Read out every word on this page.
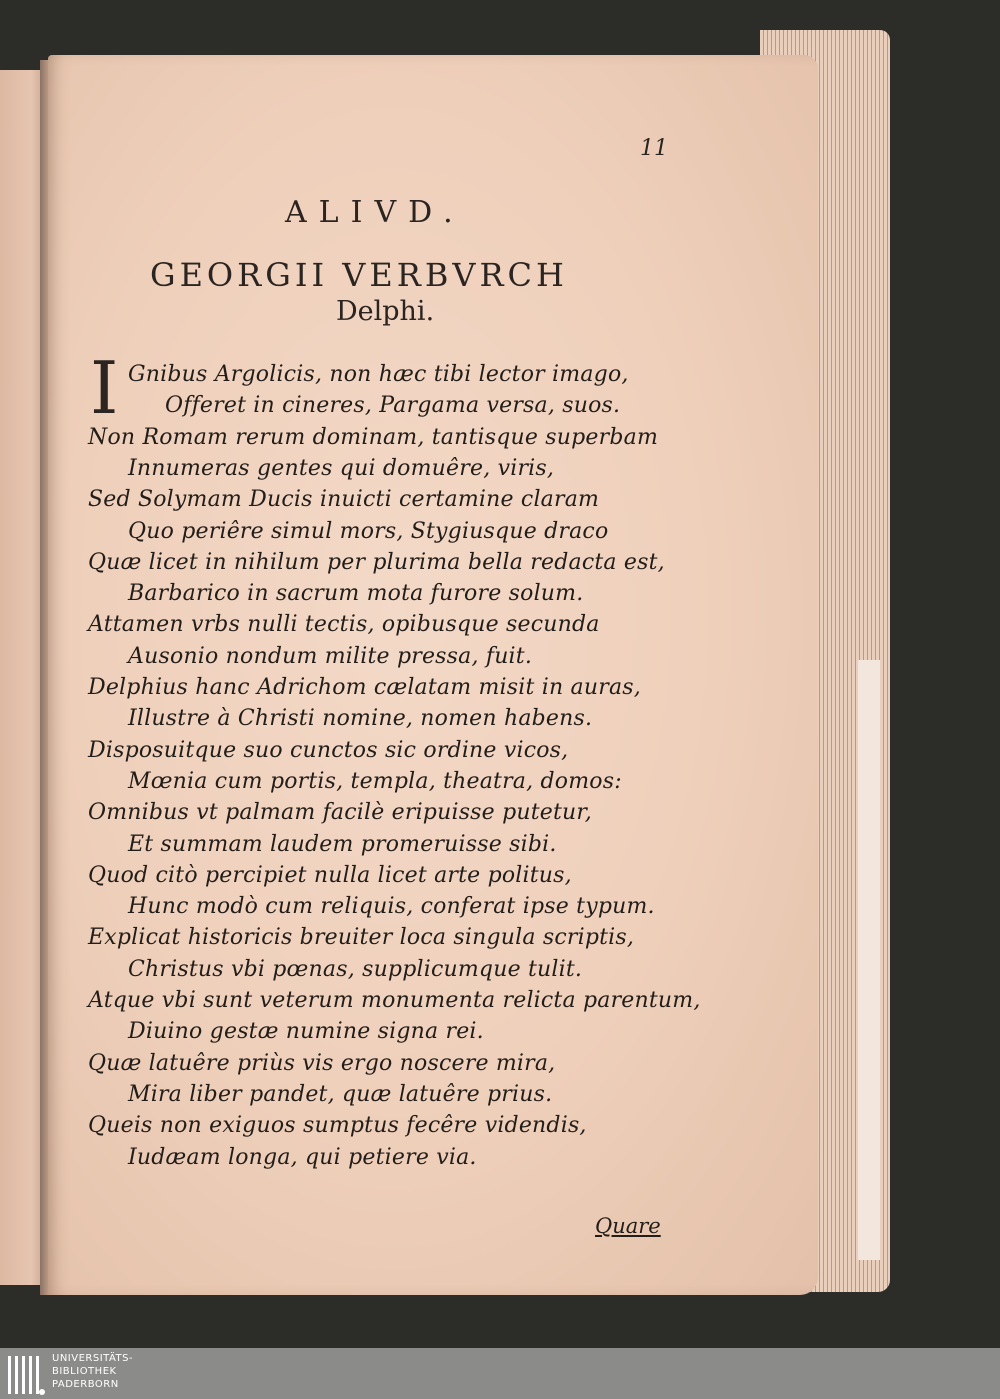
11
ALIVD.
GEORGII VERBVRCH
Delphi.
I Gnibus Argolicis, non hæc tibi lector imago,
Offeret in cineres, Pargama versa, suos.
Non Romam rerum dominam, tantisque superbam
Innumeras gentes qui domuêre, viris,
Sed Solymam Ducis inuicti certamine claram
Quo periêre simul mors, Stygiusque draco
Quæ licet in nihilum per plurima bella redacta est,
Barbarico in sacrum mota furore solum.
Attamen vrbs nulli tectis, opibusque secunda
Ausonio nondum milite pressa, fuit.
Delphius hanc Adrichom cælatam misit in auras,
Illustre à Christi nomine, nomen habens.
Disposuitque suo cunctos sic ordine vicos,
Mœnia cum portis, templa, theatra, domos:
Omnibus vt palmam facilè eripuisse putetur,
Et summam laudem promeruisse sibi.
Quod citò percipiet nulla licet arte politus,
Hunc modò cum reliquis, conferat ipse typum.
Explicat historicis breuiter loca singula scriptis,
Christus vbi pœnas, supplicumque tulit.
Atque vbi sunt veterum monumenta relicta parentum,
Diuino gestæ numine signa rei.
Quæ latuêre priùs vis ergo noscere mira,
Mira liber pandet, quæ latuêre prius.
Queis non exiguos sumptus fecêre videndis,
Iudæam longa, qui petiere via.
Quare
UNIVERSITÄTS-
BIBLIOTHEK
PADERBORN
